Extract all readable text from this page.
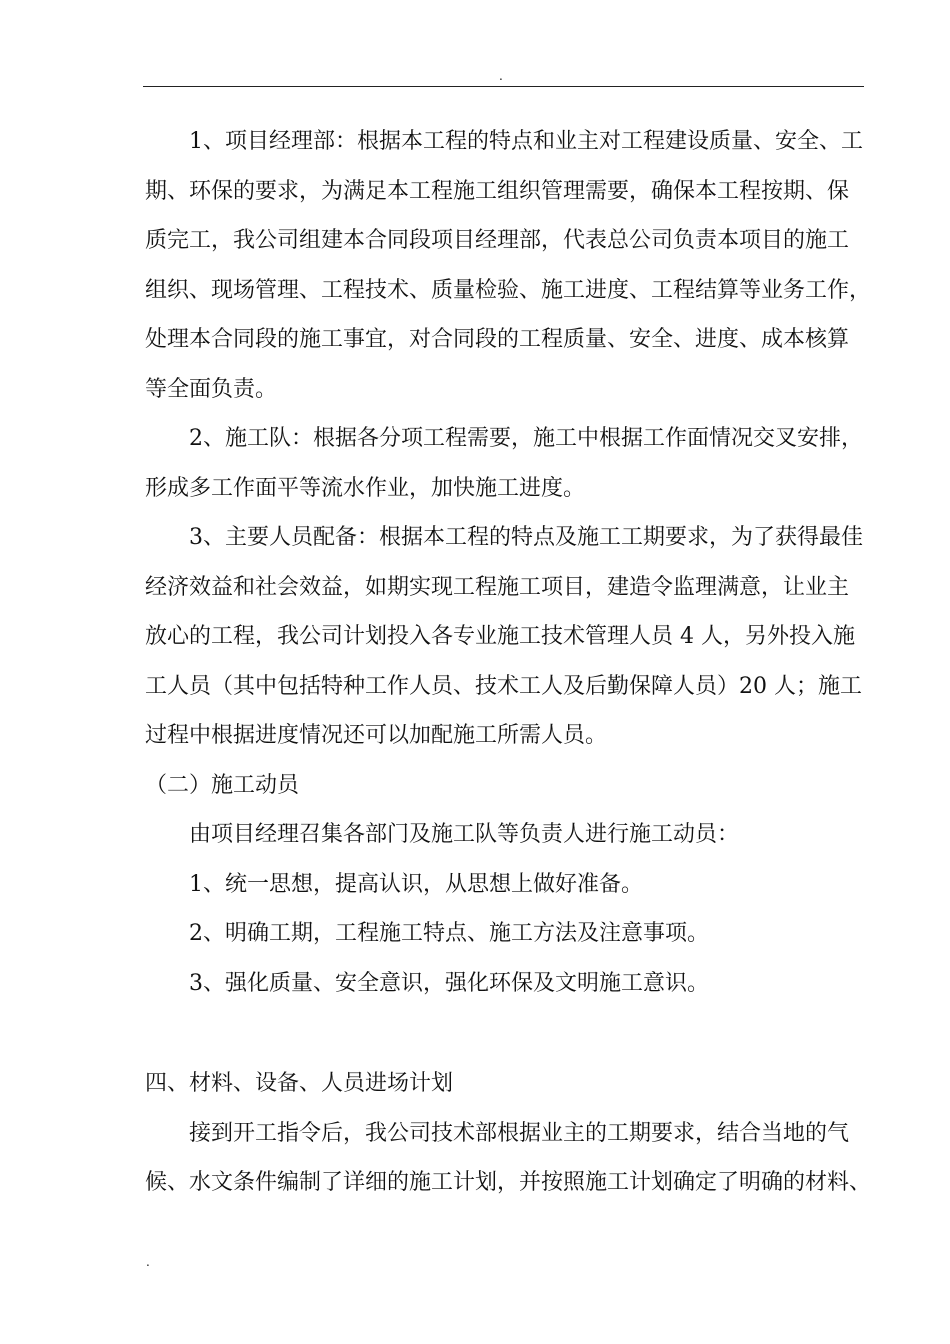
.
1、项目经理部：根据本工程的特点和业主对工程建设质量、安全、工
期、环保的要求，为满足本工程施工组织管理需要，确保本工程按期、保
质完工，我公司组建本合同段项目经理部，代表总公司负责本项目的施工
组织、现场管理、工程技术、质量检验、施工进度、工程结算等业务工作，
处理本合同段的施工事宜，对合同段的工程质量、安全、进度、成本核算
等全面负责。
2、施工队：根据各分项工程需要，施工中根据工作面情况交叉安排，
形成多工作面平等流水作业，加快施工进度。
3、主要人员配备：根据本工程的特点及施工工期要求，为了获得最佳
经济效益和社会效益，如期实现工程施工项目，建造令监理满意，让业主
放心的工程，我公司计划投入各专业施工技术管理人员 4 人，另外投入施
工人员（其中包括特种工作人员、技术工人及后勤保障人员）20 人；施工
过程中根据进度情况还可以加配施工所需人员。
（二）施工动员
由项目经理召集各部门及施工队等负责人进行施工动员：
1、统一思想，提高认识，从思想上做好准备。
2、明确工期，工程施工特点、施工方法及注意事项。
3、强化质量、安全意识，强化环保及文明施工意识。
四、材料、设备、人员进场计划
接到开工指令后，我公司技术部根据业主的工期要求，结合当地的气
候、水文条件编制了详细的施工计划，并按照施工计划确定了明确的材料、
.
